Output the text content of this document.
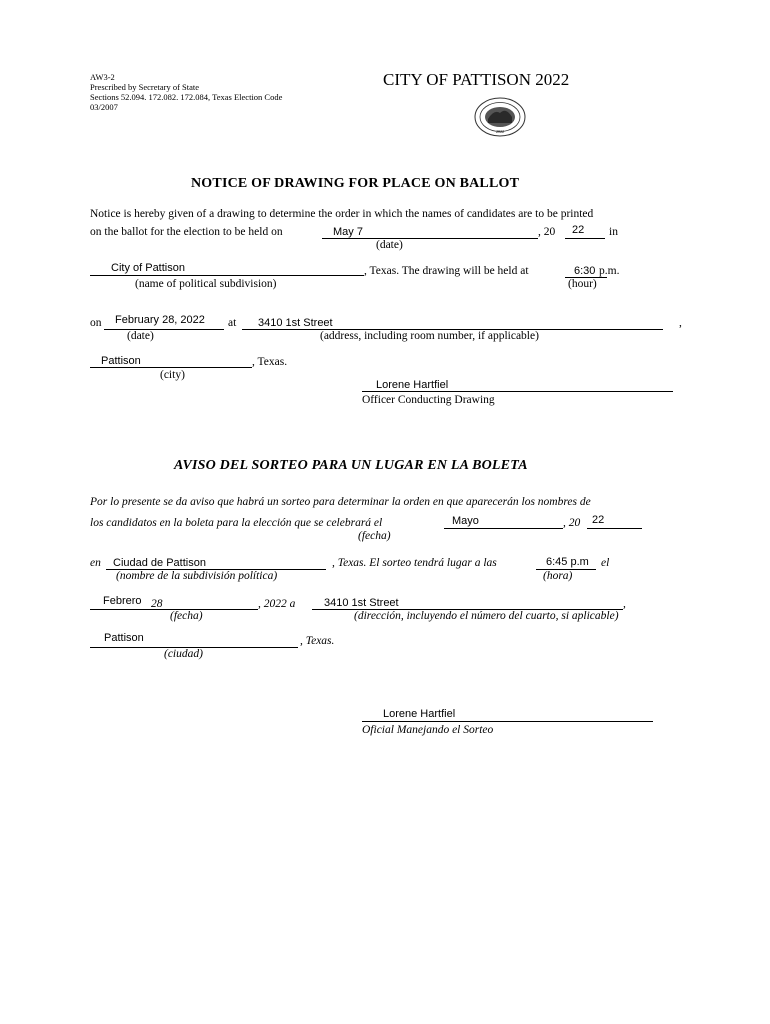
AW3-2
Prescribed by Secretary of State
Sections 52.094. 172.082. 172.084, Texas Election Code
03/2007
CITY OF PATTISON 2022
2022
NOTICE OF DRAWING FOR PLACE ON BALLOT
Notice is hereby given of a drawing to determine the order in which the names of candidates are to be printed
on the ballot for the election to be held on	May 7	, 20 22 in
(date)
City of Pattison	, Texas. The drawing will be held at	6:30 p.m.
(name of political subdivision)	(hour)
on February 28, 2022 at 3410 1st Street	,
(date)	(address, including room number, if applicable)
Pattison	, Texas.
(city)
Lorene Hartfiel
Officer Conducting Drawing
AVISO DEL SORTEO PARA UN LUGAR EN LA BOLETA
Por lo presente se da aviso que habrá un sorteo para determinar la orden en que aparecerán los nombres de
los candidatos en la boleta para la elección que se celebrará el	Mayo	, 20 22
(fecha)
en Ciudad de Pattison	, Texas. El sorteo tendrá lugar a las	6:45 p.m el
(nombre de la subdivisión política)	(hora)
Febrero 28	, 2022 a	3410 1st Street	,
(fecha)	(dirección, incluyendo el número del cuarto, si aplicable)
Pattison	, Texas.
(ciudad)
Lorene Hartfiel
Oficial Manejando el Sorteo
